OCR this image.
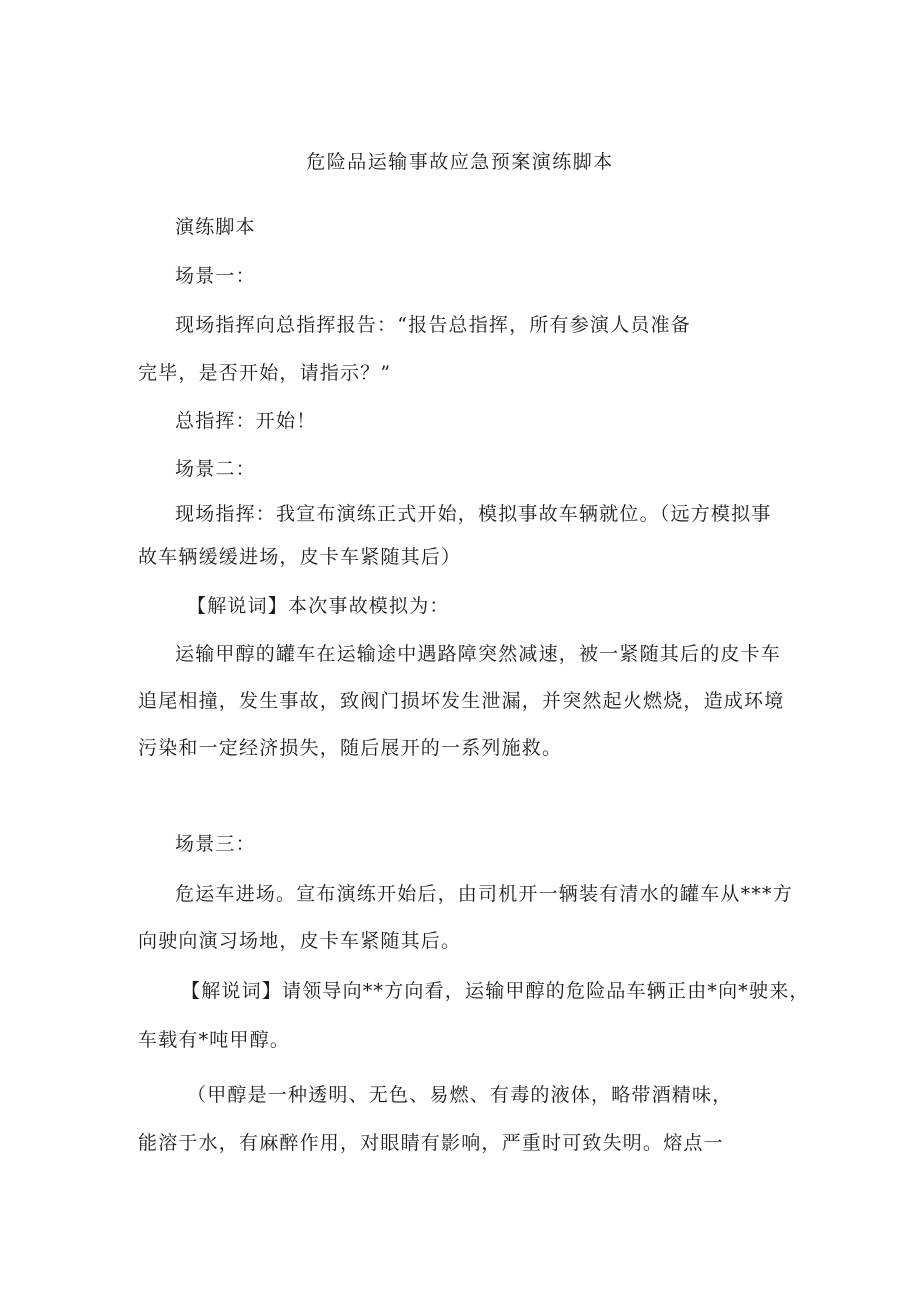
危险品运输事故应急预案演练脚本
演练脚本
场景一：
现场指挥向总指挥报告：“报告总指挥，所有参演人员准备
完毕，是否开始，请指示？”
总指挥：开始！
场景二：
现场指挥：我宣布演练正式开始，模拟事故车辆就位。（远方模拟事
故车辆缓缓进场，皮卡车紧随其后）
【解说词】本次事故模拟为：
运输甲醇的罐车在运输途中遇路障突然减速，被一紧随其后的皮卡车
追尾相撞，发生事故，致阀门损坏发生泄漏，并突然起火燃烧，造成环境
污染和一定经济损失，随后展开的一系列施救。
场景三：
危运车进场。宣布演练开始后，由司机开一辆装有清水的罐车从***方
向驶向演习场地，皮卡车紧随其后。
【解说词】请领导向**方向看，运输甲醇的危险品车辆正由*向*驶来，
车载有*吨甲醇。
（甲醇是一种透明、无色、易燃、有毒的液体，略带酒精味，
能溶于水，有麻醉作用，对眼睛有影响，严重时可致失明。熔点一
